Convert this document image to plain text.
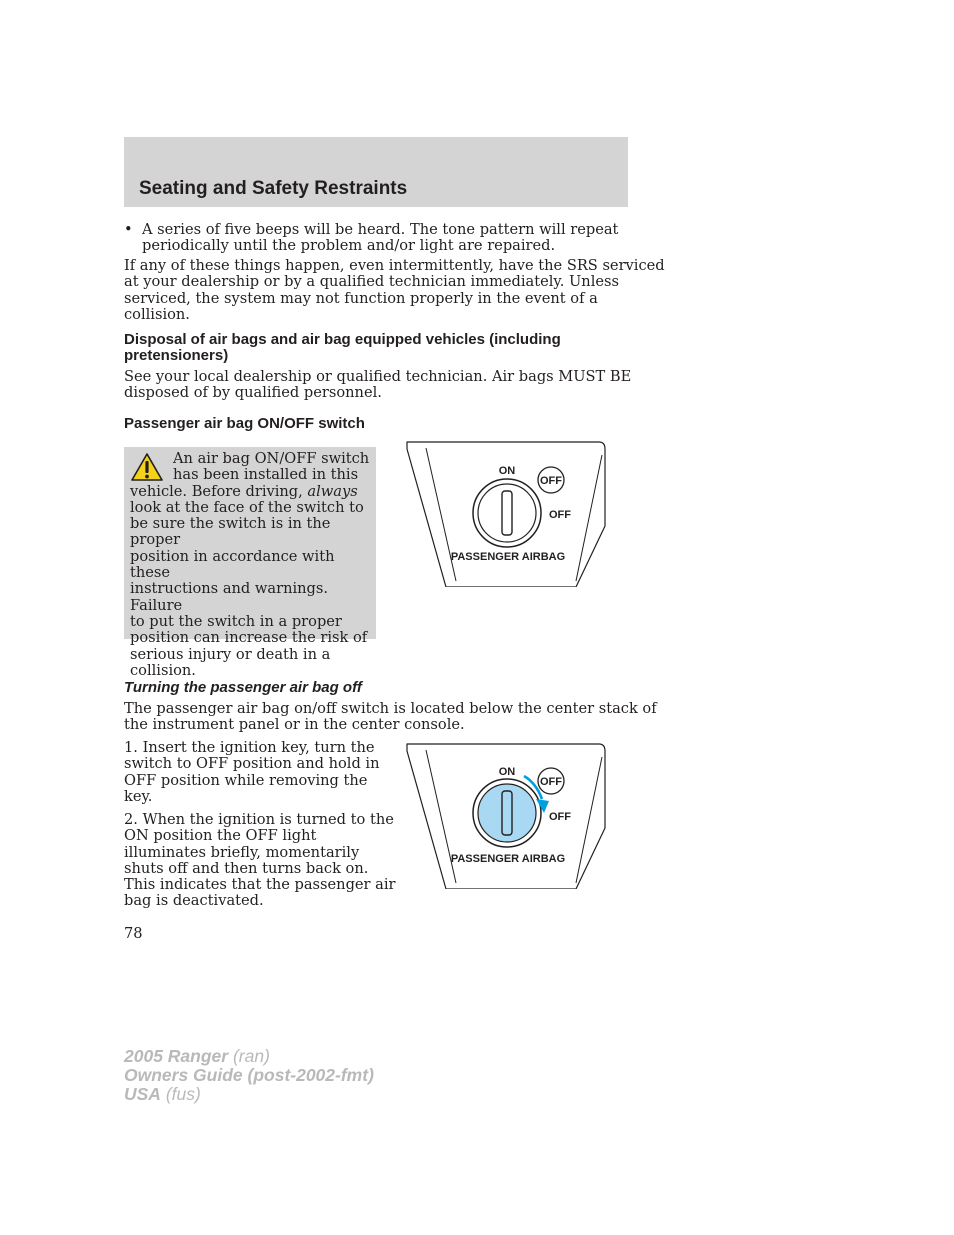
Seating and Safety Restraints
• A series of five beeps will be heard. The tone pattern will repeat
periodically until the problem and/or light are repaired.
If any of these things happen, even intermittently, have the SRS serviced
at your dealership or by a qualified technician immediately. Unless
serviced, the system may not function properly in the event of a
collision.
Disposal of air bags and air bag equipped vehicles (including
pretensioners)
See your local dealership or qualified technician. Air bags MUST BE
disposed of by qualified personnel.
Passenger air bag ON/OFF switch
An air bag ON/OFF switch
has been installed in this
vehicle. Before driving, always
look at the face of the switch to
be sure the switch is in the proper
position in accordance with these
instructions and warnings. Failure
to put the switch in a proper
position can increase the risk of
serious injury or death in a
collision.
ON
OFF
OFF
PASSENGER AIRBAG
Turning the passenger air bag off
The passenger air bag on/off switch is located below the center stack of
the instrument panel or in the center console.
1. Insert the ignition key, turn the
switch to OFF position and hold in
OFF position while removing the
key.
2. When the ignition is turned to the
ON position the OFF light
illuminates briefly, momentarily
shuts off and then turns back on.
This indicates that the passenger air
bag is deactivated.
ON
OFF
OFF
PASSENGER AIRBAG
78
2005 Ranger (ran)
Owners Guide (post-2002-fmt)
USA (fus)
